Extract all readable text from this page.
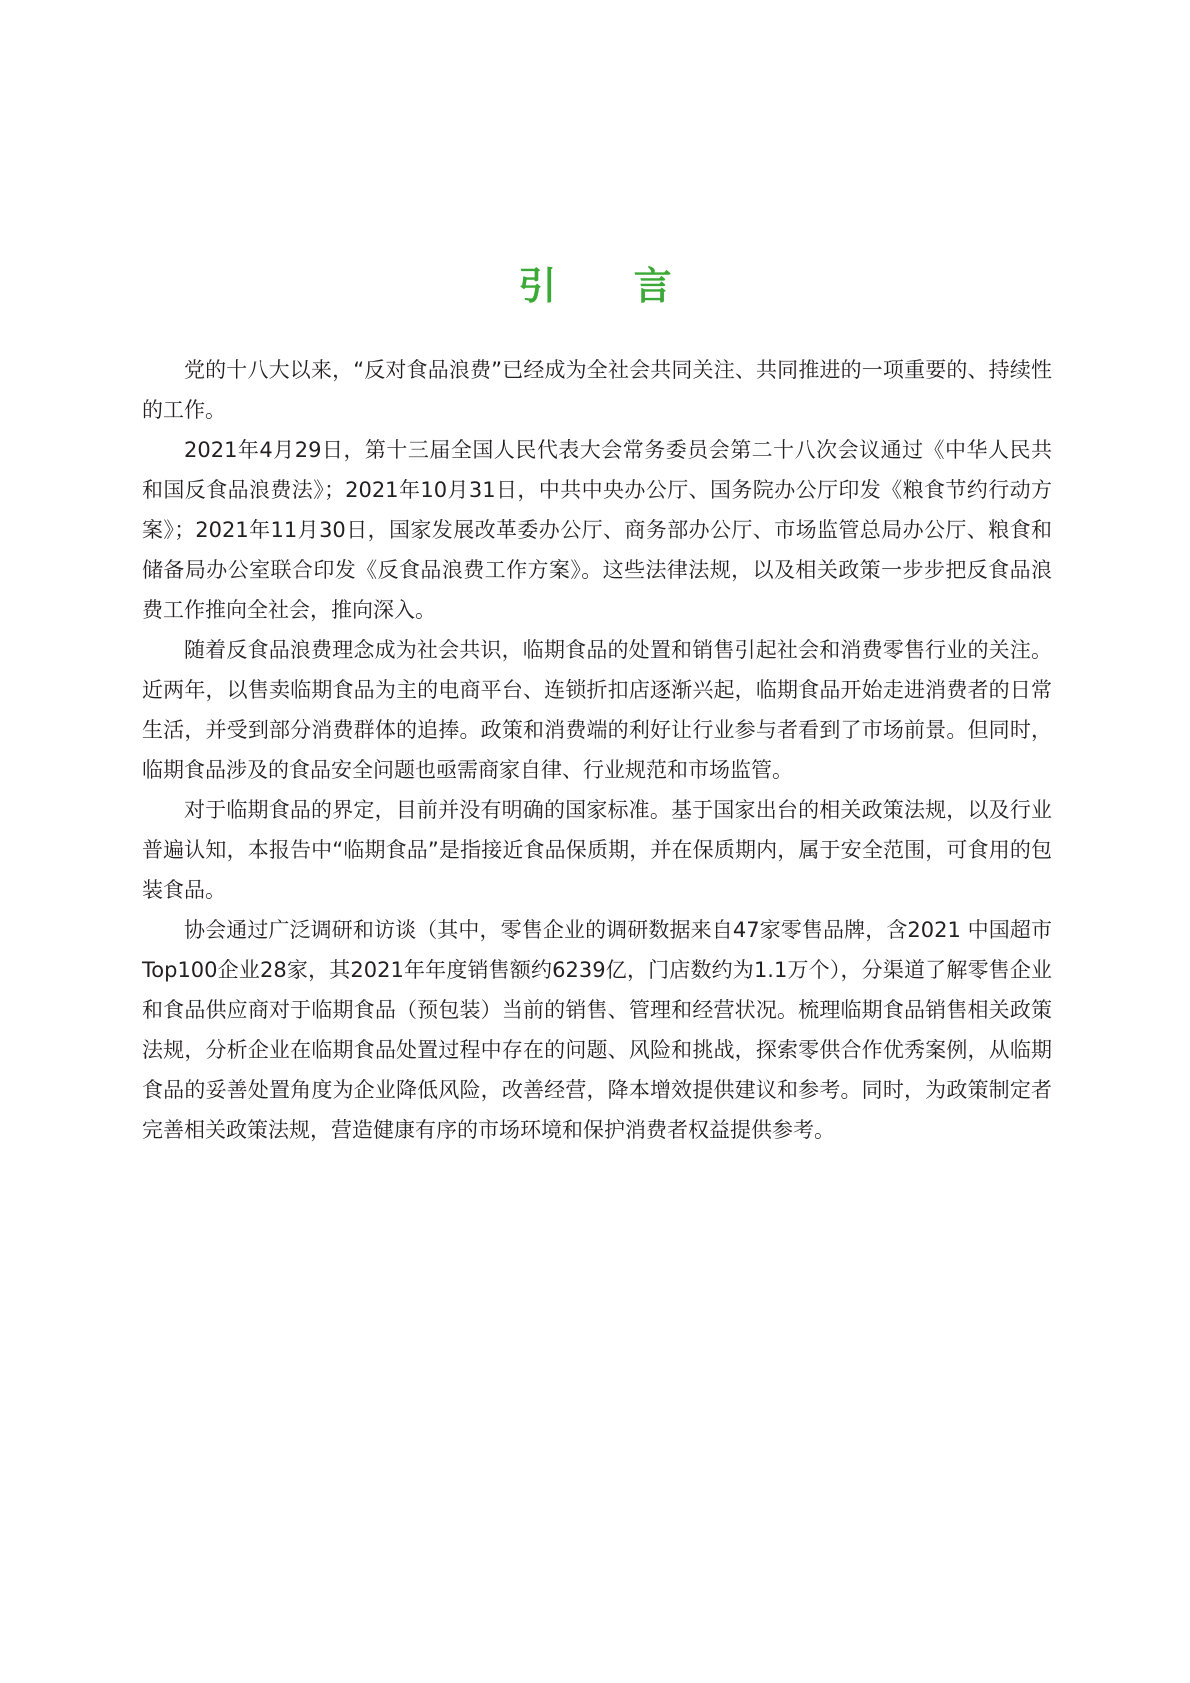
引 言

党的十八大以来，“反对食品浪费”已经成为全社会共同关注、共同推进的一项重要的、持续性的工作。

2021年4月29日，第十三届全国人民代表大会常务委员会第二十八次会议通过《中华人民共和国反食品浪费法》；2021年10月31日，中共中央办公厅、国务院办公厅印发《粮食节约行动方案》；2021年11月30日，国家发展改革委办公厅、商务部办公厅、市场监管总局办公厅、粮食和储备局办公室联合印发《反食品浪费工作方案》。这些法律法规，以及相关政策一步步把反食品浪费工作推向全社会，推向深入。

随着反食品浪费理念成为社会共识，临期食品的处置和销售引起社会和消费零售行业的关注。近两年，以售卖临期食品为主的电商平台、连锁折扣店逐渐兴起，临期食品开始走进消费者的日常生活，并受到部分消费群体的追捧。政策和消费端的利好让行业参与者看到了市场前景。但同时，临期食品涉及的食品安全问题也亟需商家自律、行业规范和市场监管。

对于临期食品的界定，目前并没有明确的国家标准。基于国家出台的相关政策法规，以及行业普遍认知，本报告中“临期食品”是指接近食品保质期，并在保质期内，属于安全范围，可食用的包装食品。

协会通过广泛调研和访谈（其中，零售企业的调研数据来自47家零售品牌，含2021 中国超市Top100企业28家，其2021年年度销售额约6239亿，门店数约为1.1万个），分渠道了解零售企业和食品供应商对于临期食品（预包装）当前的销售、管理和经营状况。梳理临期食品销售相关政策法规，分析企业在临期食品处置过程中存在的问题、风险和挑战，探索零供合作优秀案例，从临期食品的妥善处置角度为企业降低风险，改善经营，降本增效提供建议和参考。同时，为政策制定者完善相关政策法规，营造健康有序的市场环境和保护消费者权益提供参考。
